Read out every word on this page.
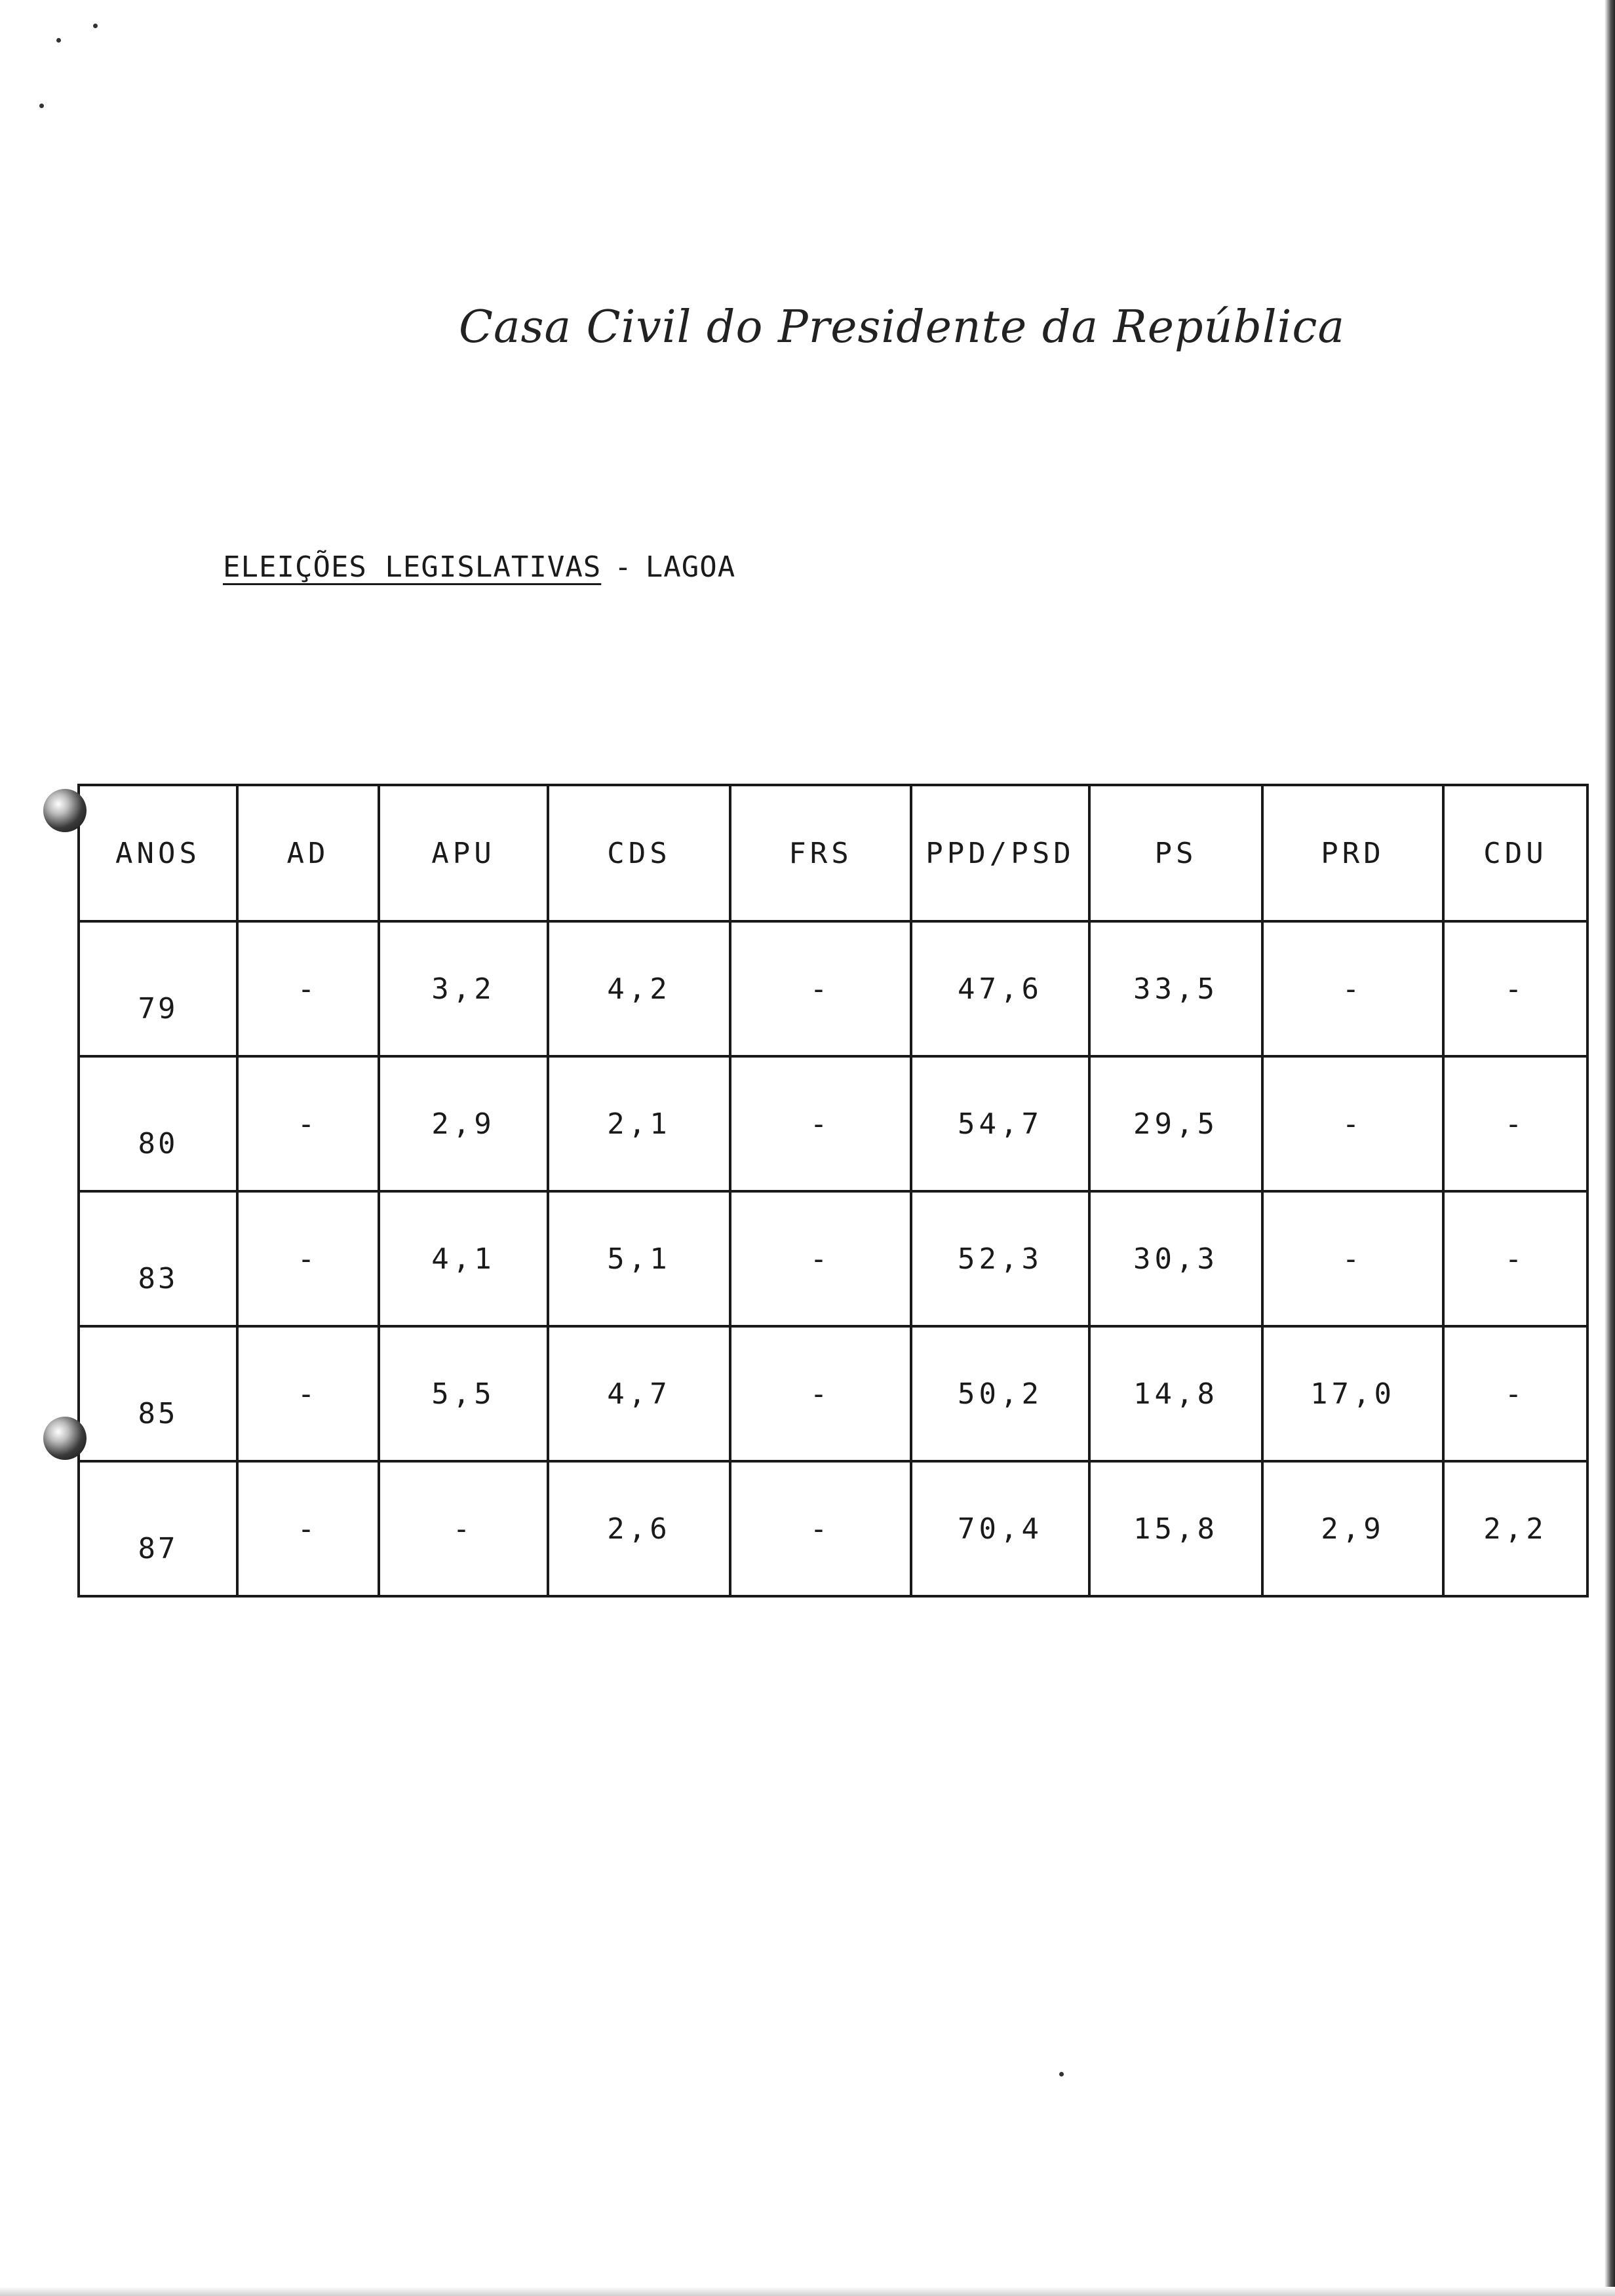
Casa Civil do Presidente da República
ELEIÇÕES LEGISLATIVAS - LAGOA
ANOS	AD	APU	CDS	FRS	PPD/PSD	PS	PRD	CDU
79	-	3,2	4,2	-	47,6	33,5	-	-
80	-	2,9	2,1	-	54,7	29,5	-	-
83	-	4,1	5,1	-	52,3	30,3	-	-
85	-	5,5	4,7	-	50,2	14,8	17,0	-
87	-	-	2,6	-	70,4	15,8	2,9	2,2
